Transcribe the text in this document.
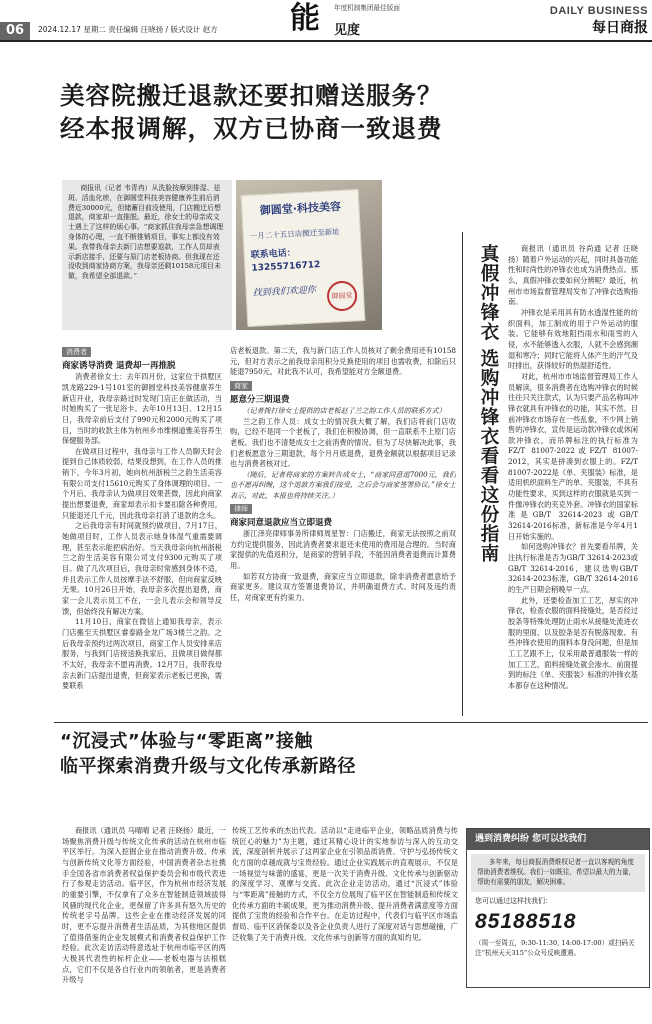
06	2024.12.17 星期二 责任编辑 汪晓扬 / 版式设计 赵方 能 年度机制集团最佳版面
见度
DAILY BUSINESS
每日商报
美容院搬迁退款还要扣赠送服务？
经本报调解，双方已协商一致退费
商报讯（记者 韦青冉）从洗脸按摩到排湿、祛斑、活血化瘀，在御圆堂科技美容健康养生前后消费近30000元，但储蓄目前没使用，门店搬迁后想退款，商家却一直推脱。最近，徐女士的母亲成文士遇上了这样的烦心事。“商家抓住我母亲急想调理身体的心理，一直不断推销项目，事实上都没有效果。我带我母亲去新门店想要退款，工作人员却表示新店接手，还要与原门店老板协商。但我现在还没收到商家协商方案，我母亲还剩10158元项目未做，我希望全部退款。”
御圆堂·科技美容
一月二十五日店搬迁至新址
联系电话：13255716712
找到我们欢迎你	御圆堂
消费者
商家诱导消费 退费却一再推脱

消费者徐女士：去年四月份，这家位于拱墅区凯龙路229-1号101室的御圆堂科技美容健康养生新店开业，我母亲路过时发现门店正在做活动，当时她购买了一张足浴卡。去年10月13日、12月15日，我母亲前后支付了990元和2000元购买了项目，当时的收款主体为杭州乡市维桐道雅美容养生保健服务部。

在做项目过程中，我母亲与工作人员聊天时会提到自己体质较弱，结果没想到，在工作人员的推销下，今年3月初，她向杭州浙税兰之韵生活美容有限公司支付15610元购买了身体调理的项目。一个月后，我母亲认为做项目效果甚微，因此向商家提出想要退费，商家却表示扣卡要扣除各种费用，只能退还几千元，因此我母亲打消了退款的念头。

之后我母亲有时间就预约做项目，7月17日，她做项目时，工作人员表示她身体湿气重需要调理，甚至表示能把病治好。当天我母亲向杭州浙税兰之韵生活美容有限公司支付9300元购买了项目。做了几次项目后，我母亲时常感到身体不适，并且表示工作人员按摩手法不舒服，但向商家反映无果。10月26日开始，我母亲多次提出退费，商家一会儿表示员工不在，一会儿表示会和领导反馈，但始终没有解决方案。

11月10日，商家在微信上通知我母亲，表示门店搬至天拱墅区睿泰路金龙广场3楼兰之韵。之后我母亲预约过两次项目，商家工作人员安排来店服务，与我到门店接送换我家后，且做项目做得都不太好，我母亲不愿再消费。12月7日，我带我母亲去新门店提出退费，但商家表示老板已更换，需要联系

店老板退款。第二天，我与新门店工作人员核对了剩余费用还有10158元，但对方表示之前我母亲用积分兑换使用的项目也需收费，扣除后只能退7950元，对此我不认可，我希望能对方全额退费。

商家
愿意分三期退费

（记者拨打徐女士提供的店老板赵了兰之韵工作人员的联系方式）

兰之韵工作人员：成女士的情况我大概了解，我们店将前门店收购，已经不是同一个老板了，我们在积极协调，但一直联系不上原门店老板。我们也不清楚成女士之前消费的情况。但为了尽快解决此事，我们老板愿意分三期退款，每个月月底退费，退费金额就以根据项目记录也与消费者核对过。

（随后，记者将商家的方案转告成女士，“商家同意退7000元，我们也不愿再纠缠，这个退款方案我们接受，之后会与商家签署协议。”徐女士表示，对此，本报也将持续关注。）

律师
商家同意退款应当立即退费

浙江泽亮律师事务所律师周星智：门店搬迁，商家无法按照之前双方约定提供服务，因此消费者要求退还未使用的费用是合理的。当时商家提供的先值返积分，是商家的营销手段，不能因消费者退费而计算费用。

如若双方协商一致退费，商家应当立即退款，除非消费者愿意给予商家更多。建议双方签署退费协议，并明确退费方式、时间及违约责任，对商家更有约束力。

真假冲锋衣 选购冲锋衣看看这份指南	商报讯（通讯员 谷尚通 记者 汪晓扬）随着户外运动的兴起，同时具备功能性和时尚性的冲锋衣也成为消费热点。那么，真假冲锋衣要如何分辨呢？最近，杭州市市场监督管理局发布了冲锋衣选购指南。

冲锋衣是采用具有防水透湿性能的纺织面料，加工制成的用于户外运动的服装。它能够有效地阻挡雨水和雨雪的入侵，水不能够透入衣服，人就不会感到潮湿和寒冷；同时它能将人体产生的汗气及时排出，获得较好的热湿舒适性。

对此，杭州市市场监督管理局工作人员解读，很多消费者在选购冲锋衣的时候往往只关注款式，认为只要产品名称叫冲锋衣就具有冲锋衣的功能，其实不然。目前冲锋衣市场存在一些乱象，不少网上销售的冲锋衣，宣传是运动款冲锋衣或休闲款冲锋衣，而吊牌标注的执行标准为FZ/T 81007-2022或FZ/T 81007-2012，其实是拼凑到衣服上的。FZ/T 81007-2022是《单、夹服装》标准，是适用机织面料生产的单、夹服装，不具有功能性要求，买到这样的衣服就是买到一件像冲锋衣的夹克外套。冲锋衣的国家标准是GB/T 32614-2023或GB/T 32614-2016标准，新标准是今年4月1日开始实施的。

如何选购冲锋衣？首先要看吊牌，关注执行标准是否为GB/T 32614-2023或GB/T 32614-2016，建议选购GB/T 32614-2023标准，GB/T 32614-2016的生产日期会稍晚早一点。

此外，还要检查加工工艺，厚实的冲锋衣，检查衣服的面料接缝处，是否经过胶条等特殊处理防止雨水从接缝处流进衣服的里面，以及胶条是否有脱落现象。有些冲锋衣使用的面料本身没问题，但是加工工艺跟不上，仅采用最普通服装一样的加工工艺，面料接缝处就会渗水。前面提到的标注《单、夹服装》标准的冲锋衣基本都存在这种情况。

“沉浸式”体验与“零距离”接触
临平探索消费升级与文化传承新路径

商报讯（通讯员 马晴晴 记者 汪晓扬）最近，一场聚焦消费升级与传统文化传承的活动在杭州市临平区举行。为深入挖掘企业在推动消费升级、传承与创新传统文化等方面经验，中国消费者杂志社携手全国各省市消费者权益保护委员会和市级代表进行了参观走访活动。临平区，作为杭州市经济发展的重要引擎，不仅拿有了众多在智能制造领域拔得风骚的现代化企业，更保留了许多具有悠久历史的传统老字号品牌。这些企业在推动经济发展的同时，更不忘提升消费者生活品质，为其他地区提供了值得借鉴的企业发展模式和消费者权益保护工作经验。此次走访活动特意选址于杭州市临平区的两大极具代表性的标杆企业——老板电器与法根糕点，它们不仅是各自行业内的领航者，更是消费者升级与

传统工艺传承的杰出代表。活动以“走进临平企业，领略品质消费与传统匠心的魅力”为主题，通过其精心设计的实地参访与深入的互动交流，深度剖析并展示了这两家企业在引领品质消费、守护与弘扬传统文化方面的卓越成就与宝贵经验。通过企业实践展示的直观展示，不仅是一场视觉与味蕾的盛宴，更是一次关于消费升级、文化传承与创新驱动的深度学习、观摩与交流。此次企业走访活动，通过“沉浸式”体验与“零距离”接触的方式，不仅全方位展现了临平区在智能制造和传统文化传承方面的丰硕成果，更为推动消费升级、提升消费者满意度等方面提供了宝贵的经验和合作平台。在走访过程中，代表们与临平区市场监督局、临平区消保委以及各企业负责人进行了深度对话与思想碰撞，广泛收集了关于消费升级、文化传承与创新等方面的真知灼见。

遇到消费纠纷 您可以找我们
多年来，每日商报消费维权记者一直以客观的角度帮助消费者维权。我们一如既往，希望以最大的力量，帮助有需要的朋友，解决困难。
您可以通过这样找我们：
85188518
（周一至周五，9:30-11:30, 14:00-17:00）或扫码关注“杭州天天315”公众号反映遭遇。
